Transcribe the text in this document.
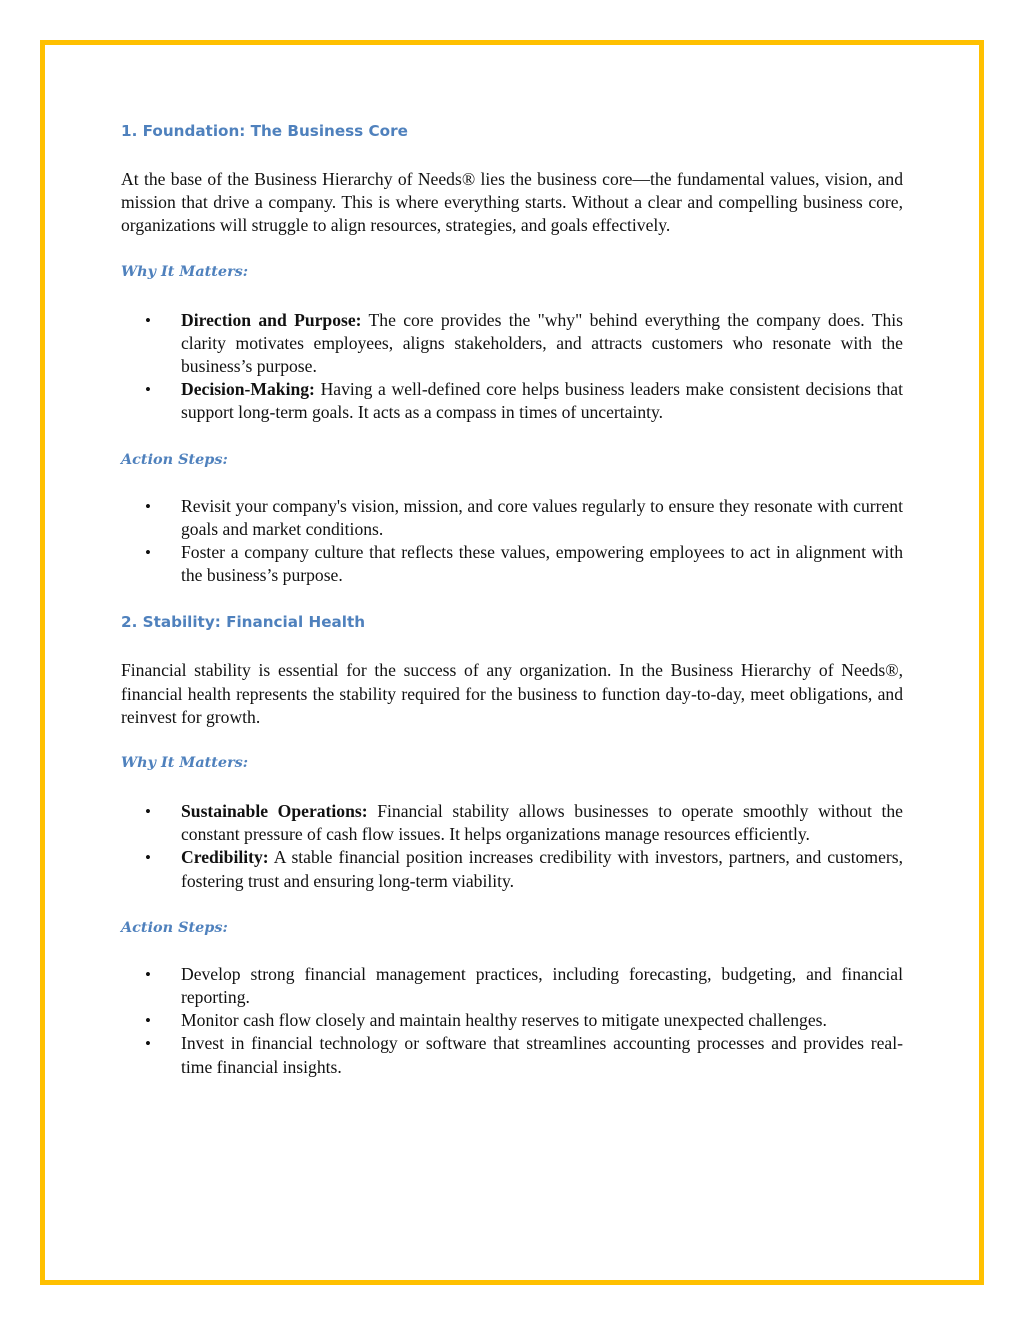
1. Foundation: The Business Core

At the base of the Business Hierarchy of Needs® lies the business core—the fundamental values, vision, and mission that drive a company. This is where everything starts. Without a clear and compelling business core, organizations will struggle to align resources, strategies, and goals effectively.

Why It Matters:
• Direction and Purpose: The core provides the "why" behind everything the company does. This clarity motivates employees, aligns stakeholders, and attracts customers who resonate with the business’s purpose.
• Decision-Making: Having a well-defined core helps business leaders make consistent decisions that support long-term goals. It acts as a compass in times of uncertainty.
Action Steps:
• Revisit your company's vision, mission, and core values regularly to ensure they resonate with current goals and market conditions.
• Foster a company culture that reflects these values, empowering employees to act in alignment with the business’s purpose.
2. Stability: Financial Health

Financial stability is essential for the success of any organization. In the Business Hierarchy of Needs®, financial health represents the stability required for the business to function day-to-day, meet obligations, and reinvest for growth.

Why It Matters:
• Sustainable Operations: Financial stability allows businesses to operate smoothly without the constant pressure of cash flow issues. It helps organizations manage resources efficiently.
• Credibility: A stable financial position increases credibility with investors, partners, and customers, fostering trust and ensuring long-term viability.
Action Steps:
• Develop strong financial management practices, including forecasting, budgeting, and financial reporting.
• Monitor cash flow closely and maintain healthy reserves to mitigate unexpected challenges.
• Invest in financial technology or software that streamlines accounting processes and provides real-time financial insights.
